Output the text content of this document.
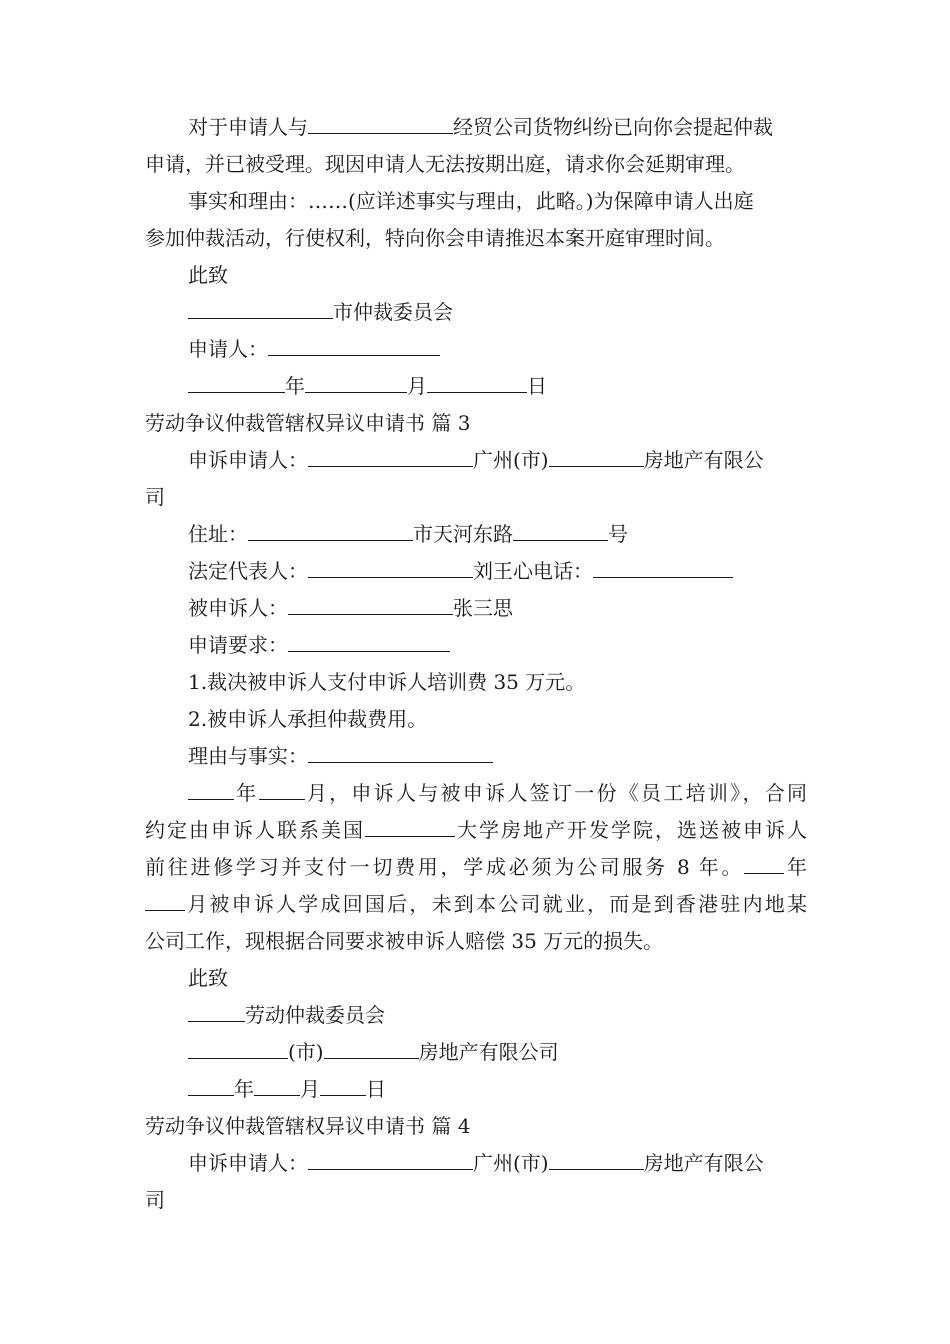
对于申请人与	经贸公司货物纠纷已向你会提起仲裁
申请，并已被受理。现因申请人无法按期出庭，请求你会延期审理。
事实和理由：……(应详述事实与理由，此略。)为保障申请人出庭
参加仲裁活动，行使权利，特向你会申请推迟本案开庭审理时间。
此致
市仲裁委员会
申请人：
年	月	日
劳动争议仲裁管辖权异议申请书 篇 3
申诉申请人：	广州(市)	房地产有限公
司
住址：	市天河东路	号
法定代表人：	刘王心电话：
被申诉人：	张三思
申请要求：
1.裁决被申诉人支付申诉人培训费 35 万元。
2.被申诉人承担仲裁费用。
理由与事实：
年 月，申诉人与被申诉人签订一份《员工培训》，合同
约定由申诉人联系美国	大学房地产开发学院，选送被申诉人
前往进修学习并支付一切费用，学成必须为公司服务 8 年。 年
月被申诉人学成回国后，未到本公司就业，而是到香港驻内地某
公司工作，现根据合同要求被申诉人赔偿 35 万元的损失。
此致
劳动仲裁委员会
(市)	房地产有限公司
年 月 日
劳动争议仲裁管辖权异议申请书 篇 4
申诉申请人：	广州(市)	房地产有限公
司
